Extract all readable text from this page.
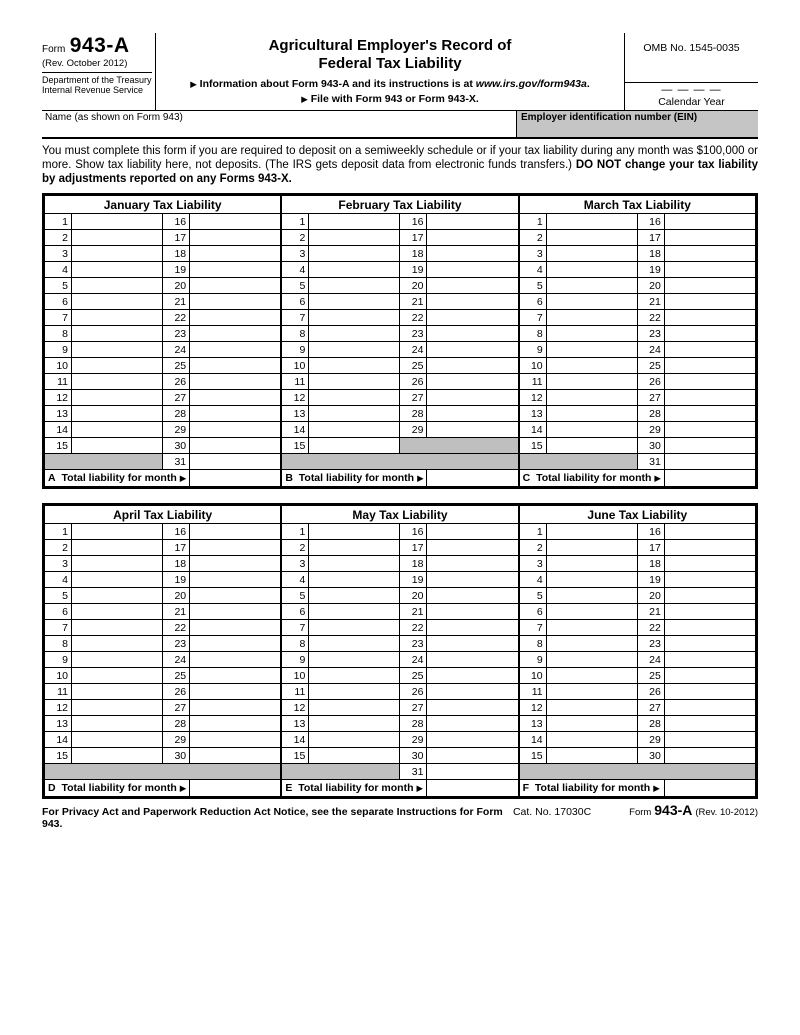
Form 943-A
(Rev. October 2012)
Department of the Treasury
Internal Revenue Service
Agricultural Employer's Record of
Federal Tax Liability
▶ Information about Form 943-A and its instructions is at www.irs.gov/form943a.
▶ File with Form 943 or Form 943-X.
OMB No. 1545-0035
— — — —
Calendar Year
Name (as shown on Form 943)	Employer identification number (EIN)
You must complete this form if you are required to deposit on a semiweekly schedule or if your tax liability during any month was $100,000 or more. Show tax liability here, not deposits. (The IRS gets deposit data from electronic funds transfers.) DO NOT change your tax liability by adjustments reported on any Forms 943-X.
January Tax Liability			
1		16	
2		17	
3		18	
4		19	
5		20	
6		21	
7		22	
8		23	
9		24	
10		25	
11		26	
12		27	
13		28	
14		29	
15		30	
		31	
A Total liability for month ▶			
February Tax Liability			
1		16	
2		17	
3		18	
4		19	
5		20	
6		21	
7		22	
8		23	
9		24	
10		25	
11		26	
12		27	
13		28	
14		29	
15			

B Total liability for month ▶			
March Tax Liability			
1		16	
2		17	
3		18	
4		19	
5		20	
6		21	
7		22	
8		23	
9		24	
10		25	
11		26	
12		27	
13		28	
14		29	
15		30	
		31	
C Total liability for month ▶			
April Tax Liability			
1		16	
2		17	
3		18	
4		19	
5		20	
6		21	
7		22	
8		23	
9		24	
10		25	
11		26	
12		27	
13		28	
14		29	
15		30	

D Total liability for month ▶			
May Tax Liability			
1		16	
2		17	
3		18	
4		19	
5		20	
6		21	
7		22	
8		23	
9		24	
10		25	
11		26	
12		27	
13		28	
14		29	
15		30	
		31	
E Total liability for month ▶			
June Tax Liability			
1		16	
2		17	
3		18	
4		19	
5		20	
6		21	
7		22	
8		23	
9		24	
10		25	
11		26	
12		27	
13		28	
14		29	
15		30	

F Total liability for month ▶			
For Privacy Act and Paperwork Reduction Act Notice, see the separate Instructions for Form 943.
Cat. No. 17030C	Form 943-A (Rev. 10-2012)
